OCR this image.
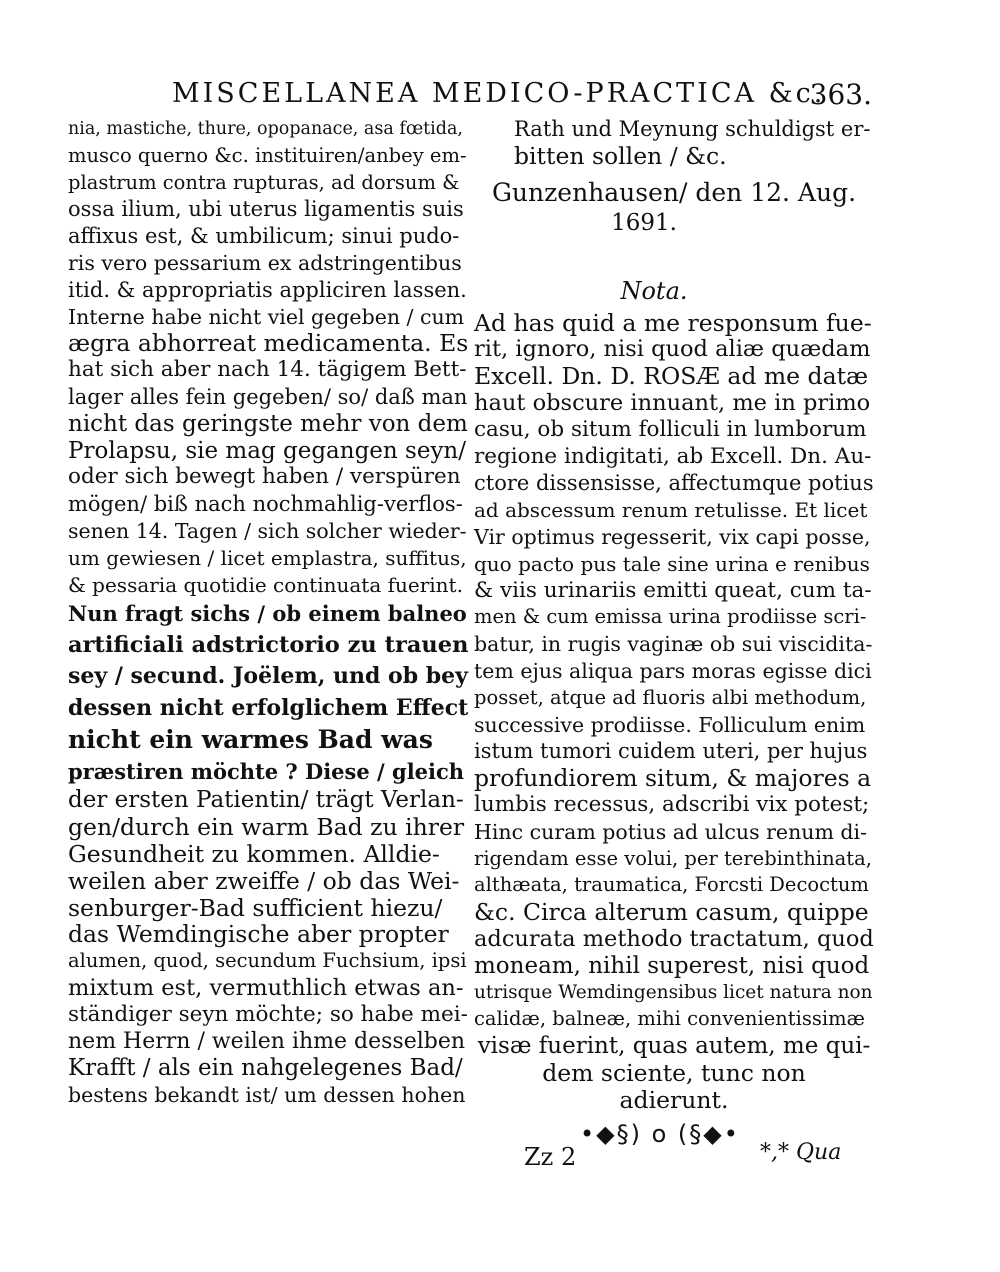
MISCELLANEA MEDICO-PRACTICA &c.
363.
nia, mastiche, thure, opopanace, asa fœtida,
musco querno &c. instituiren/anbey em-
plastrum contra rupturas, ad dorsum &
ossa ilium, ubi uterus ligamentis suis
affixus est, & umbilicum; sinui pudo-
ris vero pessarium ex adstringentibus
itid. & appropriatis appliciren lassen.
Interne habe nicht viel gegeben / cum
ægra abhorreat medicamenta. Es
hat sich aber nach 14. tägigem Bett-
lager alles fein gegeben/ so/ daß man
nicht das geringste mehr von dem
Prolapsu, sie mag gegangen seyn/
oder sich bewegt haben / verspüren
mögen/ biß nach nochmahlig-verflos-
senen 14. Tagen / sich solcher wieder-
um gewiesen / licet emplastra, suffitus,
& pessaria quotidie continuata fuerint.
Nun fragt sichs / ob einem balneo
artificiali adstrictorio zu trauen
sey / secund. Joëlem, und ob bey
dessen nicht erfolglichem Effect
nicht ein warmes Bad was
præstiren möchte ? Diese / gleich
der ersten Patientin/ trägt Verlan-
gen/durch ein warm Bad zu ihrer
Gesundheit zu kommen. Alldie-
weilen aber zweiffe / ob das Wei-
senburger-Bad sufficient hiezu/
das Wemdingische aber propter
alumen, quod, secundum Fuchsium, ipsi
mixtum est, vermuthlich etwas an-
ständiger seyn möchte; so habe mei-
nem Herrn / weilen ihme desselben
Krafft / als ein nahgelegenes Bad/
bestens bekandt ist/ um dessen hohen
Rath und Meynung schuldigst er-
bitten sollen / &c.
Gunzenhausen/ den 12. Aug.
1691.
Nota.
Ad has quid a me responsum fue-
rit, ignoro, nisi quod aliæ quædam
Excell. Dn. D. ROSÆ ad me datæ
haut obscure innuant, me in primo
casu, ob situm folliculi in lumborum
regione indigitati, ab Excell. Dn. Au-
ctore dissensisse, affectumque potius
ad abscessum renum retulisse. Et licet
Vir optimus regesserit, vix capi posse,
quo pacto pus tale sine urina e renibus
& viis urinariis emitti queat, cum ta-
men & cum emissa urina prodiisse scri-
batur, in rugis vaginæ ob sui viscidita-
tem ejus aliqua pars moras egisse dici
posset, atque ad fluoris albi methodum,
successive prodiisse. Folliculum enim
istum tumori cuidem uteri, per hujus
profundiorem situm, & majores a
lumbis recessus, adscribi vix potest;
Hinc curam potius ad ulcus renum di-
rigendam esse volui, per terebinthinata,
althæata, traumatica, Forcsti Decoctum
&c. Circa alterum casum, quippe
adcurata methodo tractatum, quod
moneam, nihil superest, nisi quod
utrisque Wemdingensibus licet natura non
calidæ, balneæ, mihi convenientissimæ
visæ fuerint, quas autem, me qui-
dem sciente, tunc non
adierunt.
•◆§) o (§◆•
Zz 2	*,* Qua
